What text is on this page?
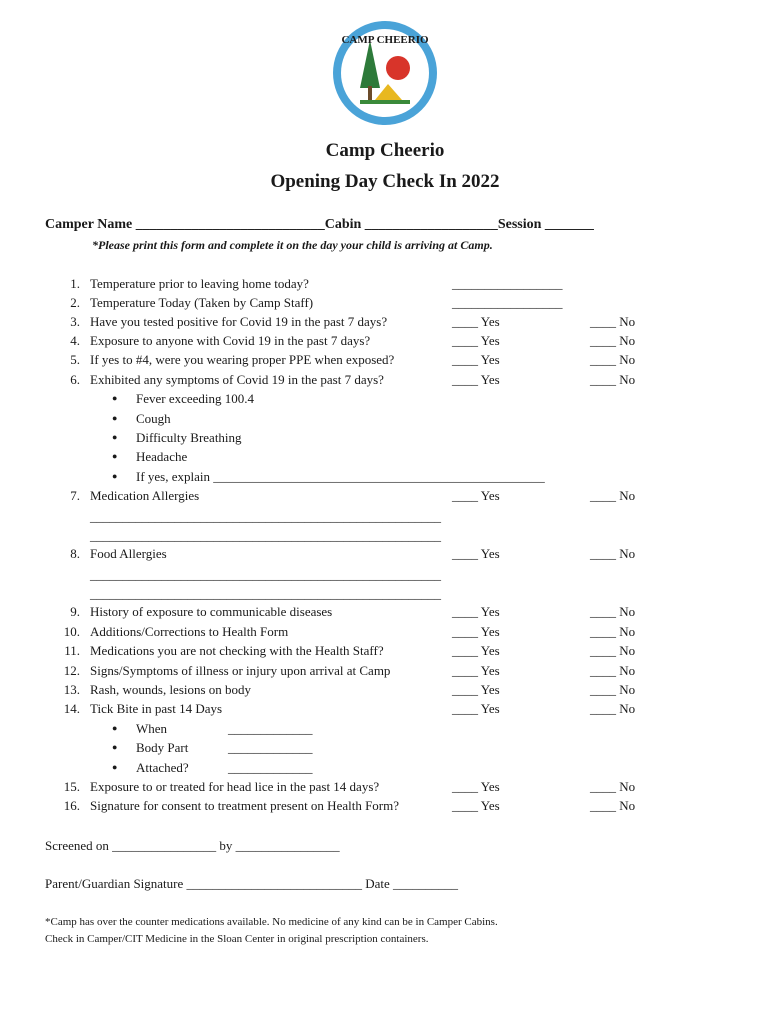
CAMP CHEERIO
Camp Cheerio
Opening Day Check In 2022
Camper Name ___________________________Cabin ___________________Session _______
*Please print this form and complete it on the day your child is arriving at Camp.
1. Temperature prior to leaving home today?	_________________
2. Temperature Today (Taken by Camp Staff)	_________________
3. Have you tested positive for Covid 19 in the past 7 days?	____ Yes	____ No
4. Exposure to anyone with Covid 19 in the past 7 days?	____ Yes	____ No
5. If yes to #4, were you wearing proper PPE when exposed?	____ Yes	____ No
6. Exhibited any symptoms of Covid 19 in the past 7 days?	____ Yes	____ No
● Fever exceeding 100.4
● Cough
● Difficulty Breathing
● Headache
● If yes, explain ___________________________________________________
7. Medication Allergies	____ Yes	____ No
______________________________________________________
______________________________________________________
8. Food Allergies	____ Yes	____ No
______________________________________________________
______________________________________________________
9. History of exposure to communicable diseases	____ Yes	____ No
10. Additions/Corrections to Health Form	____ Yes	____ No
11. Medications you are not checking with the Health Staff?	____ Yes	____ No
12. Signs/Symptoms of illness or injury upon arrival at Camp	____ Yes	____ No
13. Rash, wounds, lesions on body	____ Yes	____ No
14. Tick Bite in past 14 Days	____ Yes	____ No
● When	_____________
● Body Part	_____________
● Attached?	_____________
15. Exposure to or treated for head lice in the past 14 days?	____ Yes	____ No
16. Signature for consent to treatment present on Health Form?	____ Yes	____ No
Screened on ________________ by ________________
Parent/Guardian Signature ___________________________ Date __________
*Camp has over the counter medications available. No medicine of any kind can be in Camper Cabins.
Check in Camper/CIT Medicine in the Sloan Center in original prescription containers.
